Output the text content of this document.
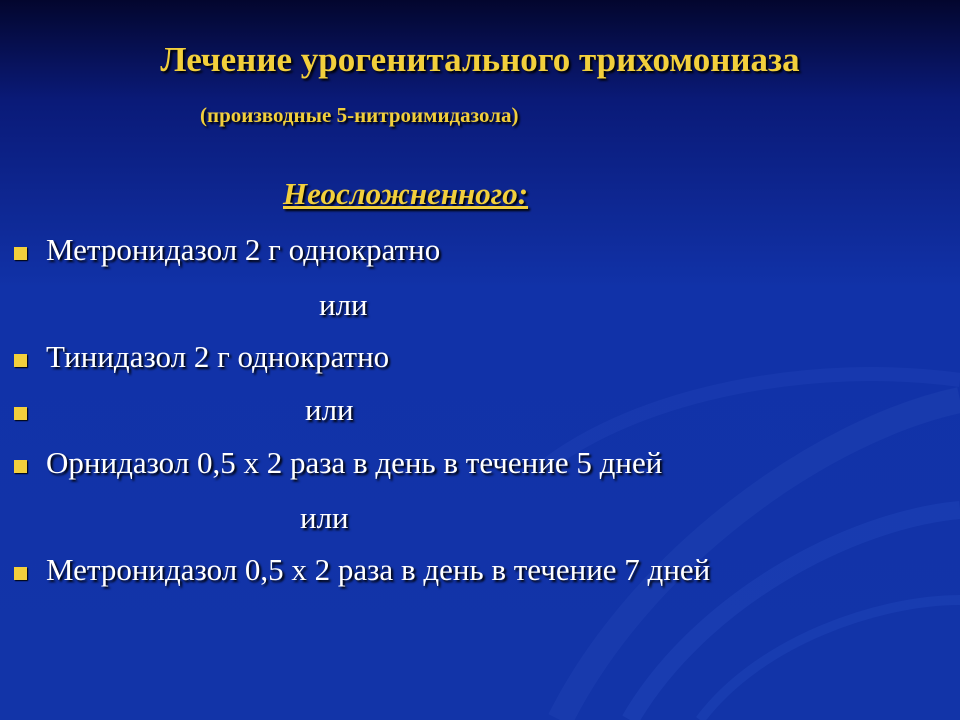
Лечение урогенитального трихомониаза
(производные 5-нитроимидазола)
Неосложненного:
Метронидазол 2 г однократно
или
Тинидазол 2 г однократно
или
Орнидазол 0,5 х 2 раза в день в течение 5 дней
или
Метронидазол 0,5 х 2 раза в день в течение 7 дней
